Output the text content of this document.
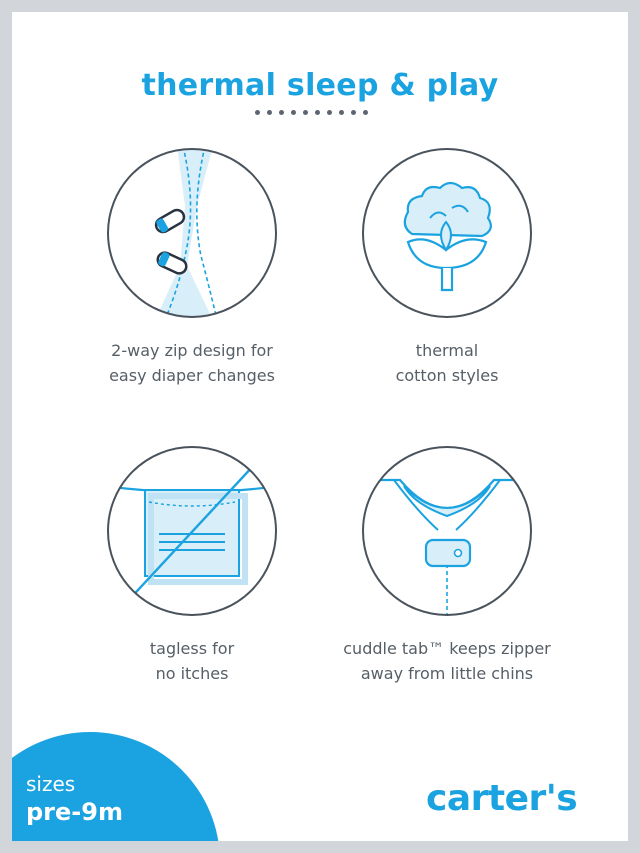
thermal sleep & play
2-way zip design for
easy diaper changes
thermal
cotton styles
tagless for
no itches
cuddle tab™ keeps zipper
away from little chins
sizes
pre-9m	carter's
